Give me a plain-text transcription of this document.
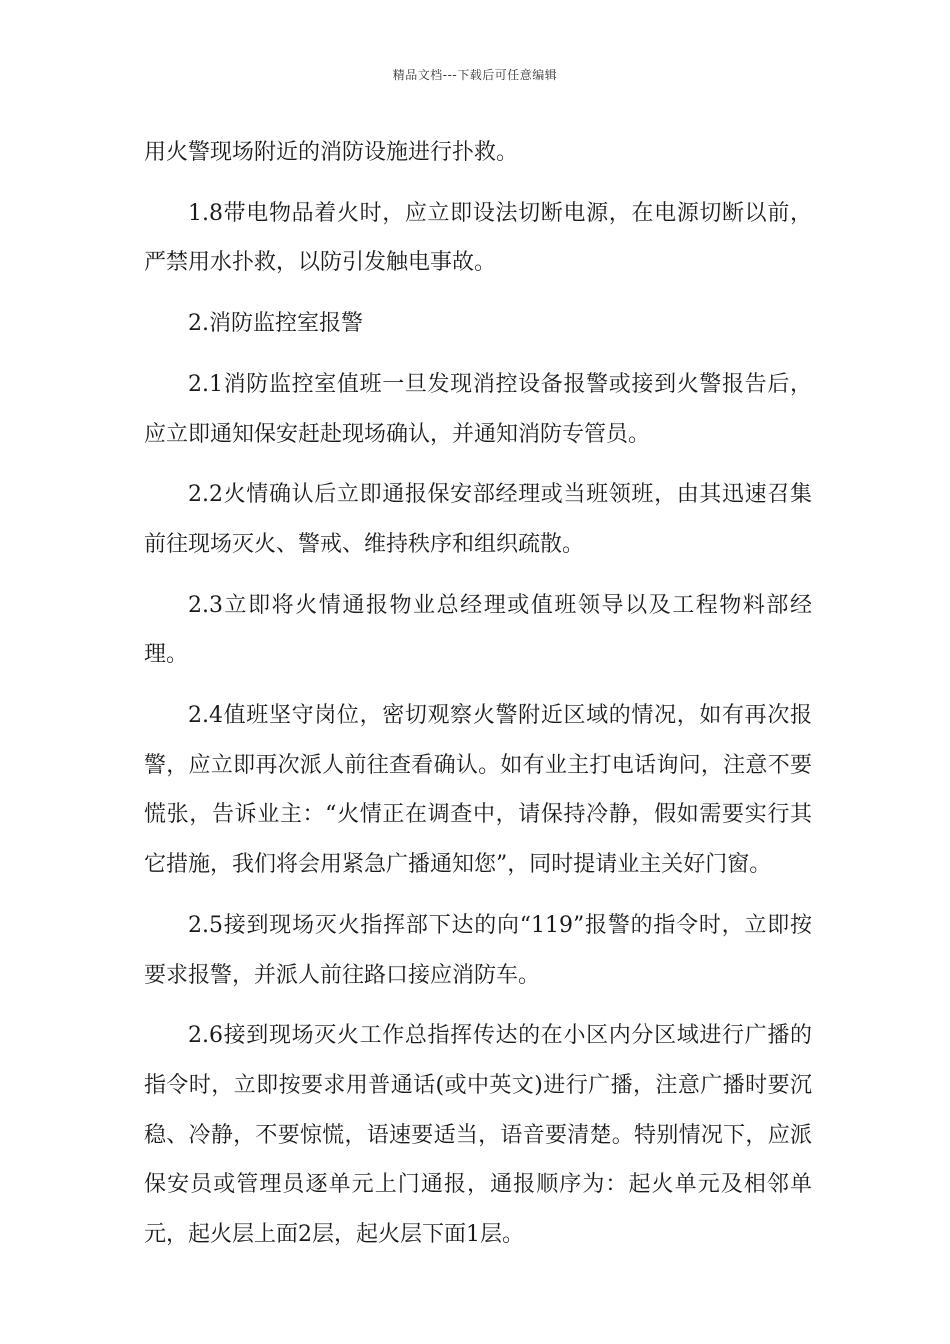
精品文档---下载后可任意编辑

用火警现场附近的消防设施进行扑救。

1.8带电物品着火时，应立即设法切断电源，在电源切断以前，严禁用水扑救，以防引发触电事故。

2.消防监控室报警

2.1消防监控室值班一旦发现消控设备报警或接到火警报告后，应立即通知保安赶赴现场确认，并通知消防专管员。

2.2火情确认后立即通报保安部经理或当班领班，由其迅速召集前往现场灭火、警戒、维持秩序和组织疏散。

2.3立即将火情通报物业总经理或值班领导以及工程物料部经理。

2.4值班坚守岗位，密切观察火警附近区域的情况，如有再次报警，应立即再次派人前往查看确认。如有业主打电话询问，注意不要慌张，告诉业主：“火情正在调查中，请保持冷静，假如需要实行其它措施，我们将会用紧急广播通知您”，同时提请业主关好门窗。

2.5接到现场灭火指挥部下达的向“119”报警的指令时，立即按要求报警，并派人前往路口接应消防车。

2.6接到现场灭火工作总指挥传达的在小区内分区域进行广播的指令时，立即按要求用普通话(或中英文)进行广播，注意广播时要沉稳、冷静，不要惊慌，语速要适当，语音要清楚。特别情况下，应派保安员或管理员逐单元上门通报，通报顺序为：起火单元及相邻单元，起火层上面2层，起火层下面1层。
